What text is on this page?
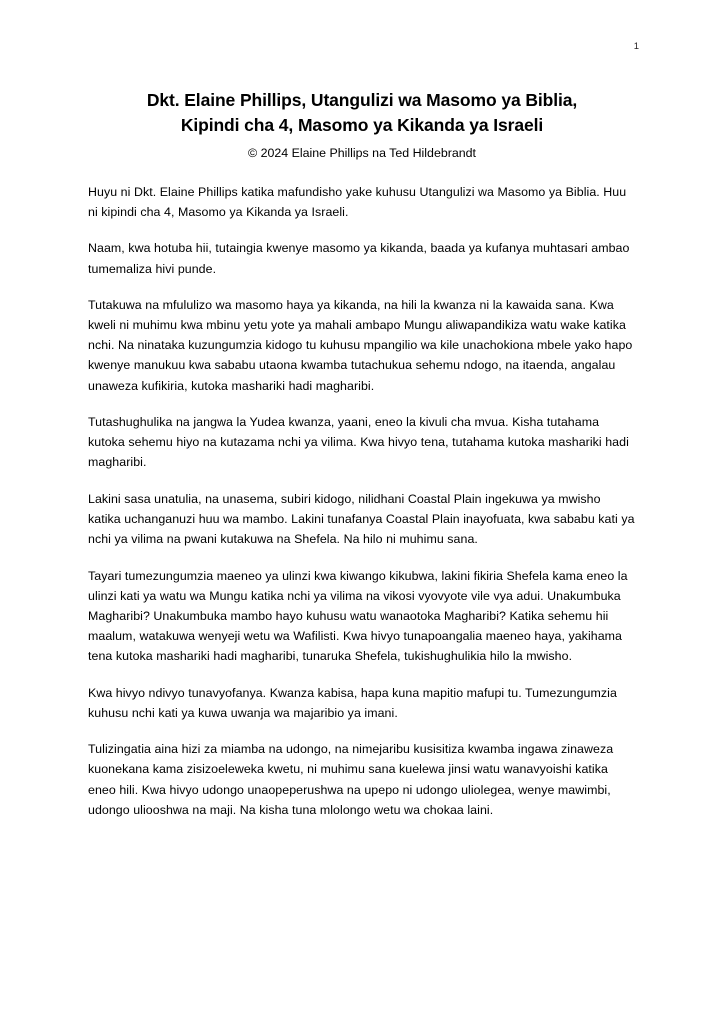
1
Dkt. Elaine Phillips, Utangulizi wa Masomo ya Biblia,
Kipindi cha 4, Masomo ya Kikanda ya Israeli
© 2024 Elaine Phillips na Ted Hildebrandt

Huyu ni Dkt. Elaine Phillips katika mafundisho yake kuhusu Utangulizi wa Masomo ya Biblia. Huu ni kipindi cha 4, Masomo ya Kikanda ya Israeli.

Naam, kwa hotuba hii, tutaingia kwenye masomo ya kikanda, baada ya kufanya muhtasari ambao tumemaliza hivi punde.

Tutakuwa na mfululizo wa masomo haya ya kikanda, na hili la kwanza ni la kawaida sana. Kwa kweli ni muhimu kwa mbinu yetu yote ya mahali ambapo Mungu aliwapandikiza watu wake katika nchi. Na ninataka kuzungumzia kidogo tu kuhusu mpangilio wa kile unachokiona mbele yako hapo kwenye manukuu kwa sababu utaona kwamba tutachukua sehemu ndogo, na itaenda, angalau unaweza kufikiria, kutoka mashariki hadi magharibi.

Tutashughulika na jangwa la Yudea kwanza, yaani, eneo la kivuli cha mvua. Kisha tutahama kutoka sehemu hiyo na kutazama nchi ya vilima. Kwa hivyo tena, tutahama kutoka mashariki hadi magharibi.

Lakini sasa unatulia, na unasema, subiri kidogo, nilidhani Coastal Plain ingekuwa ya mwisho katika uchanganuzi huu wa mambo. Lakini tunafanya Coastal Plain inayofuata, kwa sababu kati ya nchi ya vilima na pwani kutakuwa na Shefela. Na hilo ni muhimu sana.

Tayari tumezungumzia maeneo ya ulinzi kwa kiwango kikubwa, lakini fikiria Shefela kama eneo la ulinzi kati ya watu wa Mungu katika nchi ya vilima na vikosi vyovyote vile vya adui. Unakumbuka Magharibi? Unakumbuka mambo hayo kuhusu watu wanaotoka Magharibi? Katika sehemu hii maalum, watakuwa wenyeji wetu wa Wafilisti. Kwa hivyo tunapoangalia maeneo haya, yakihama tena kutoka mashariki hadi magharibi, tunaruka Shefela, tukishughulikia hilo la mwisho.

Kwa hivyo ndivyo tunavyofanya. Kwanza kabisa, hapa kuna mapitio mafupi tu. Tumezungumzia kuhusu nchi kati ya kuwa uwanja wa majaribio ya imani.

Tulizingatia aina hizi za miamba na udongo, na nimejaribu kusisitiza kwamba ingawa zinaweza kuonekana kama zisizoeleweka kwetu, ni muhimu sana kuelewa jinsi watu wanavyoishi katika eneo hili. Kwa hivyo udongo unaopeperushwa na upepo ni udongo uliolegea, wenye mawimbi, udongo uliooshwa na maji. Na kisha tuna mlolongo wetu wa chokaa laini.
